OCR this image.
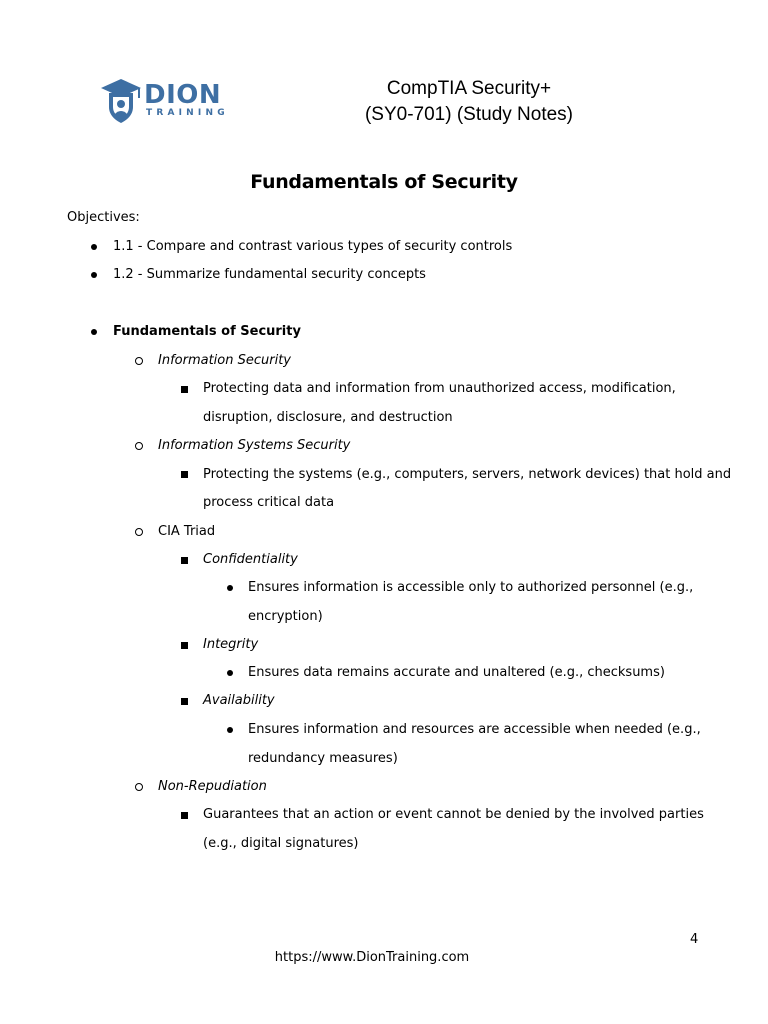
DION
TRAINING
CompTIA Security+
(SY0-701) (Study Notes)
Fundamentals of Security
Objectives:
1.1 - Compare and contrast various types of security controls
1.2 - Summarize fundamental security concepts
Fundamentals of Security
Information Security
Protecting data and information from unauthorized access, modification,
disruption, disclosure, and destruction
Information Systems Security
Protecting the systems (e.g., computers, servers, network devices) that hold and
process critical data
CIA Triad
Confidentiality
Ensures information is accessible only to authorized personnel (e.g.,
encryption)
Integrity
Ensures data remains accurate and unaltered (e.g., checksums)
Availability
Ensures information and resources are accessible when needed (e.g.,
redundancy measures)
Non-Repudiation
Guarantees that an action or event cannot be denied by the involved parties
(e.g., digital signatures)
4
https://www.DionTraining.com
